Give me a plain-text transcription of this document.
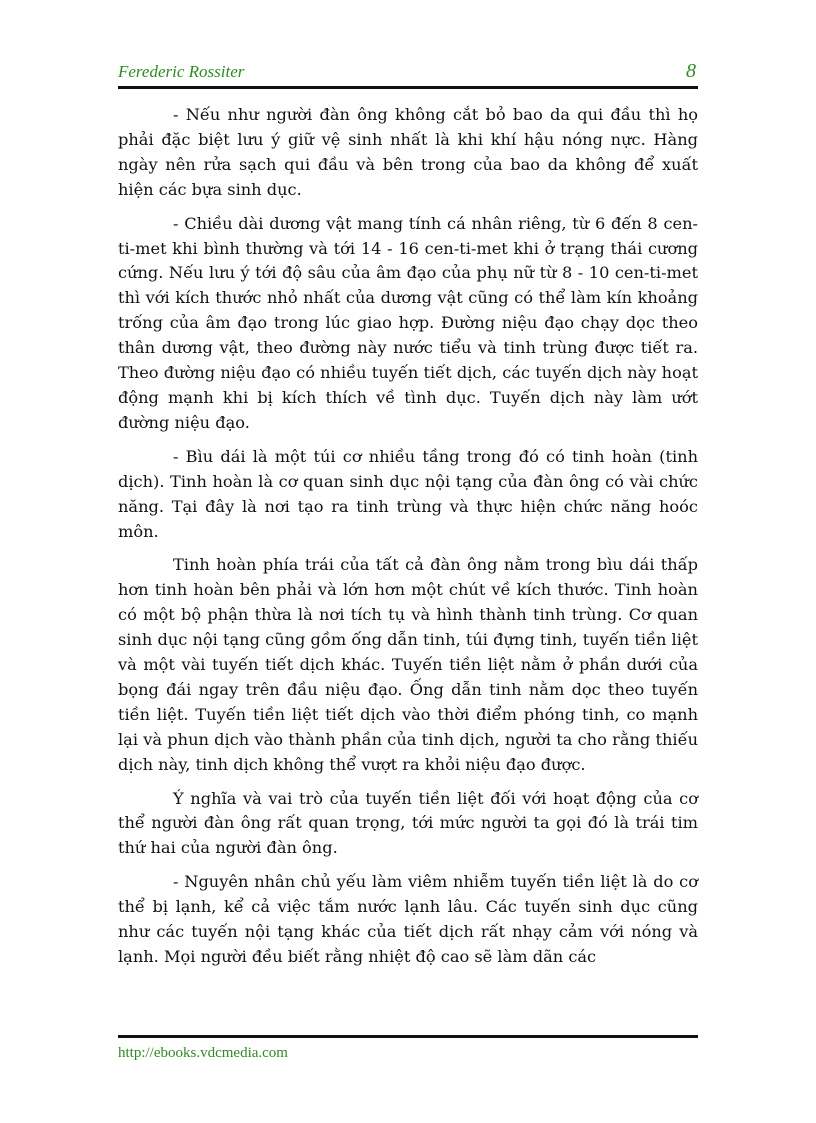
Ferederic Rossiter	8

- Nếu như người đàn ông không cắt bỏ bao da qui đầu thì họ phải đặc biệt lưu ý giữ vệ sinh nhất là khi khí hậu nóng nực. Hàng ngày nên rửa sạch qui đầu và bên trong của bao da không để xuất hiện các bựa sinh dục.

- Chiều dài dương vật mang tính cá nhân riêng, từ 6 đến 8 cen-ti-met khi bình thường và tới 14 - 16 cen-ti-met khi ở trạng thái cương cứng. Nếu lưu ý tới độ sâu của âm đạo của phụ nữ từ 8 - 10 cen-ti-met thì với kích thước nhỏ nhất của dương vật cũng có thể làm kín khoảng trống của âm đạo trong lúc giao hợp. Đường niệu đạo chạy dọc theo thân dương vật, theo đường này nước tiểu và tinh trùng được tiết ra. Theo đường niệu đạo có nhiều tuyến tiết dịch, các tuyến dịch này hoạt động mạnh khi bị kích thích về tình dục. Tuyến dịch này làm ướt đường niệu đạo.

- Bìu dái là một túi cơ nhiều tầng trong đó có tinh hoàn (tinh dịch). Tinh hoàn là cơ quan sinh dục nội tạng của đàn ông có vài chức năng. Tại đây là nơi tạo ra tinh trùng và thực hiện chức năng hoóc môn.

Tinh hoàn phía trái của tất cả đàn ông nằm trong bìu dái thấp hơn tinh hoàn bên phải và lớn hơn một chút về kích thước. Tinh hoàn có một bộ phận thừa là nơi tích tụ và hình thành tinh trùng. Cơ quan sinh dục nội tạng cũng gồm ống dẫn tinh, túi đựng tinh, tuyến tiền liệt và một vài tuyến tiết dịch khác. Tuyến tiền liệt nằm ở phần dưới của bọng đái ngay trên đầu niệu đạo. Ống dẫn tinh nằm dọc theo tuyến tiền liệt. Tuyến tiền liệt tiết dịch vào thời điểm phóng tinh, co mạnh lại và phun dịch vào thành phần của tinh dịch, người ta cho rằng thiếu dịch này, tinh dịch không thể vượt ra khỏi niệu đạo được.

Ý nghĩa và vai trò của tuyến tiền liệt đối với hoạt động của cơ thể người đàn ông rất quan trọng, tới mức người ta gọi đó là trái tim thứ hai của người đàn ông.

- Nguyên nhân chủ yếu làm viêm nhiễm tuyến tiền liệt là do cơ thể bị lạnh, kể cả việc tắm nước lạnh lâu. Các tuyến sinh dục cũng như các tuyến nội tạng khác của tiết dịch rất nhạy cảm với nóng và lạnh. Mọi người đều biết rằng nhiệt độ cao sẽ làm dãn các

http://ebooks.vdcmedia.com
